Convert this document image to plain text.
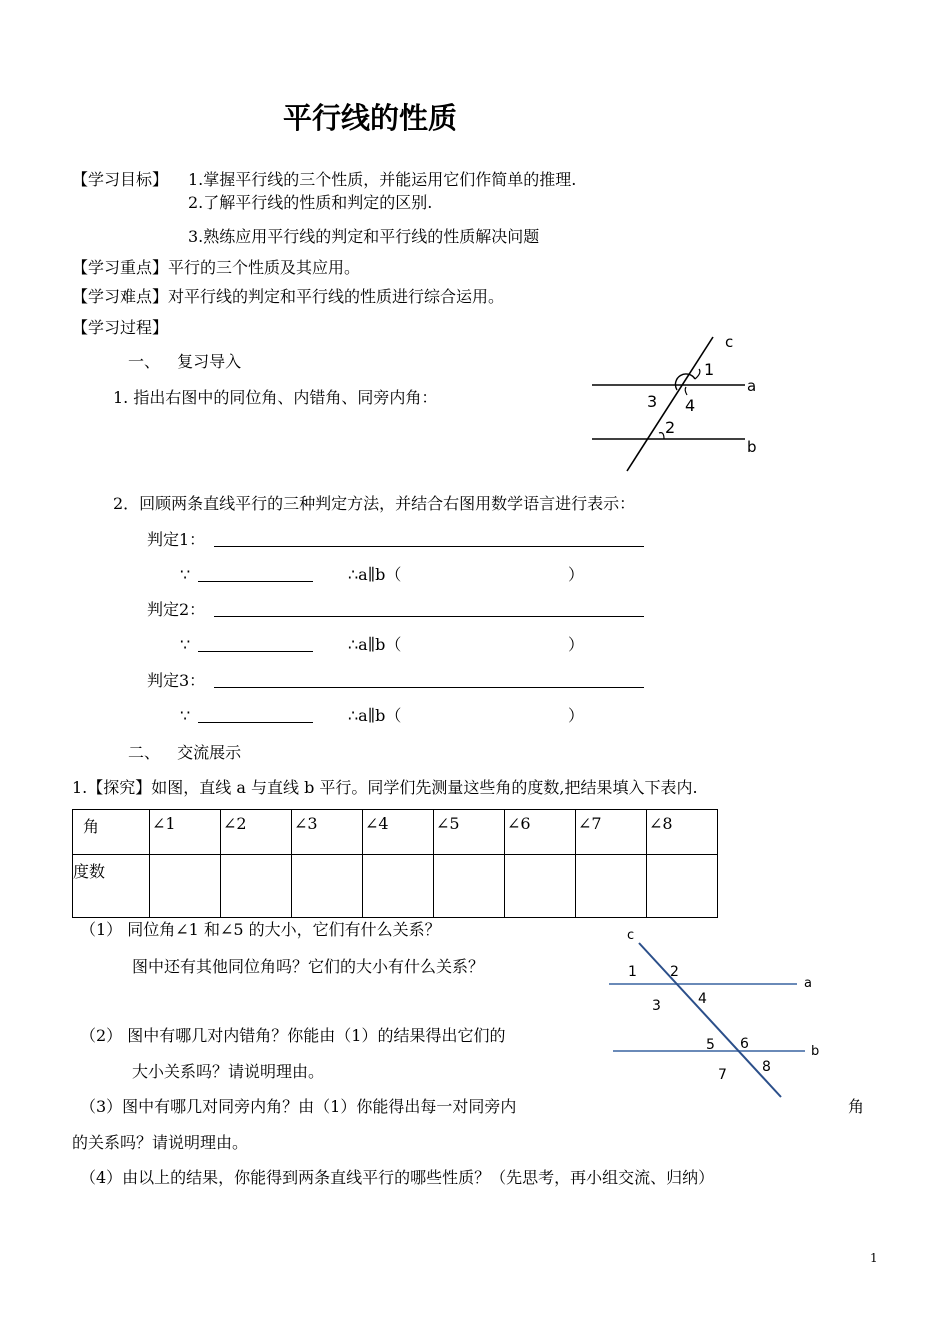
平行线的性质
【学习目标】 1.掌握平行线的三个性质，并能运用它们作简单的推理.
2.了解平行线的性质和判定的区别.
3.熟练应用平行线的判定和平行线的性质解决问题
【学习重点】平行的三个性质及其应用。
【学习难点】对平行线的判定和平行线的性质进行综合运用。
【学习过程】
一、 复习导入
1. 指出右图中的同位角、内错角、同旁内角：
c
1
a
3 4
2
b
2．回顾两条直线平行的三种判定方法，并结合右图用数学语言进行表示：
判定1：
∵	∴a∥b（	）
判定2：
∵	∴a∥b（	）
判定3：
∵	∴a∥b（	）
二、 交流展示
1.【探究】如图，直线 a 与直线 b 平行。同学们先测量这些角的度数,把结果填入下表内.
角	∠1	∠2	∠3	∠4	∠5	∠6	∠7	∠8
度数								
（1） 同位角∠1 和∠5 的大小，它们有什么关系？
图中还有其他同位角吗？它们的大小有什么关系？
（2） 图中有哪几对内错角？你能由（1）的结果得出它们的
大小关系吗？请说明理由。
（3）图中有哪几对同旁内角？由（1）你能得出每一对同旁内	角
的关系吗？请说明理由。
（4）由以上的结果，你能得到两条直线平行的哪些性质？（先思考，再小组交流、归纳）
c
1 2
a
3	4
5 6	b
7	8
1
